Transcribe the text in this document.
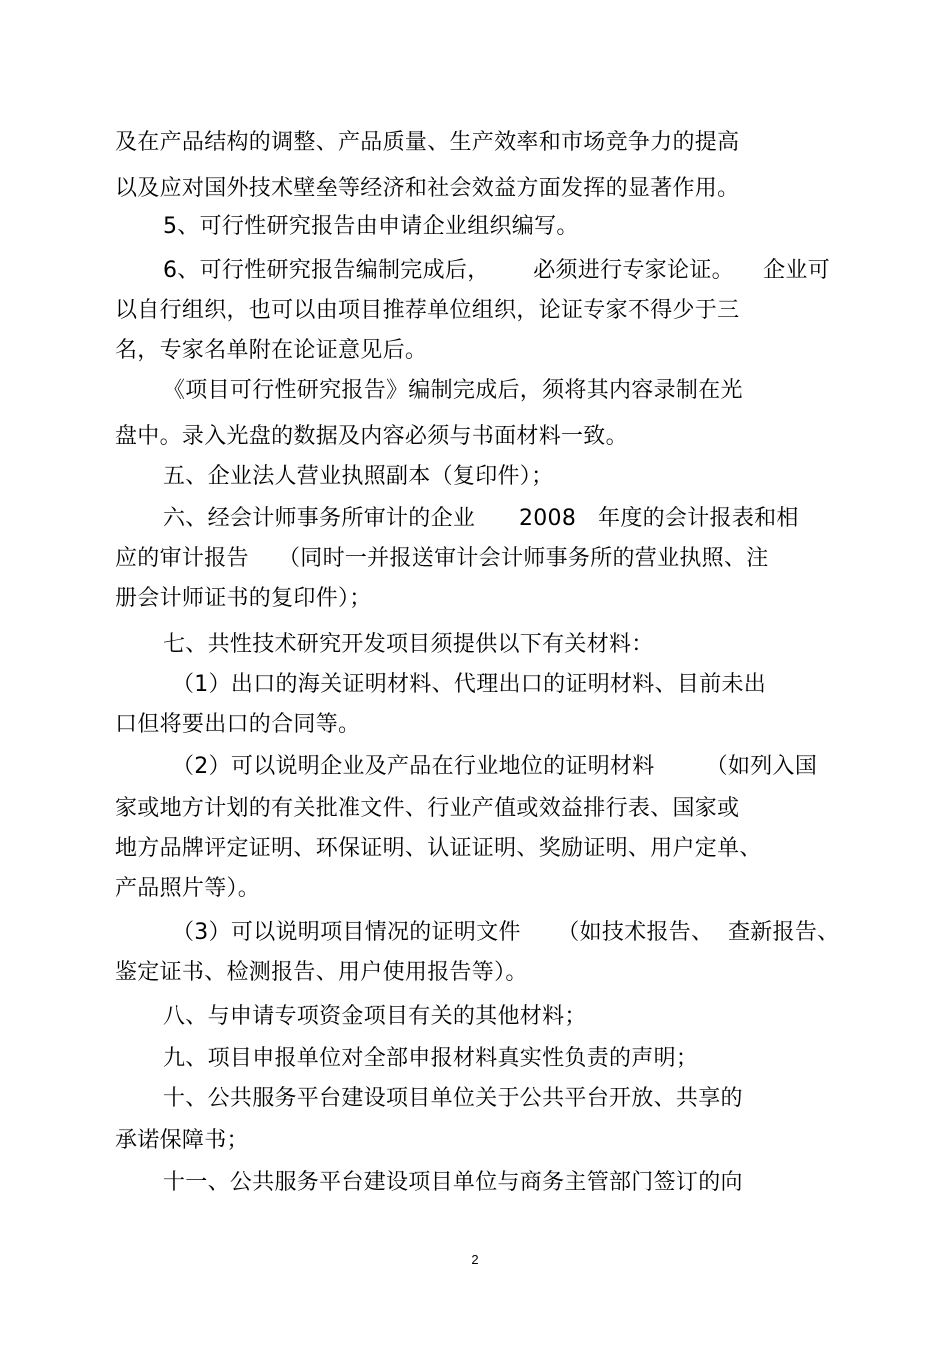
及在产品结构的调整、产品质量、生产效率和市场竞争力的提高
以及应对国外技术壁垒等经济和社会效益方面发挥的显著作用。
5、可行性研究报告由申请企业组织编写。
6、可行性研究报告编制完成后，      必须进行专家论证。    企业可
以自行组织，也可以由项目推荐单位组织，论证专家不得少于三
名，专家名单附在论证意见后。
《项目可行性研究报告》编制完成后，须将其内容录制在光
盘中。录入光盘的数据及内容必须与书面材料一致。
五、企业法人营业执照副本（复印件）；
六、经会计师事务所审计的企业      2008   年度的会计报表和相
应的审计报告    （同时一并报送审计会计师事务所的营业执照、注
册会计师证书的复印件）；
七、共性技术研究开发项目须提供以下有关材料：
（1）出口的海关证明材料、代理出口的证明材料、目前未出
口但将要出口的合同等。
（2）可以说明企业及产品在行业地位的证明材料       （如列入国
家或地方计划的有关批准文件、行业产值或效益排行表、国家或
地方品牌评定证明、环保证明、认证证明、奖励证明、用户定单、
产品照片等）。
（3）可以说明项目情况的证明文件     （如技术报告、  查新报告、
鉴定证书、检测报告、用户使用报告等）。
八、与申请专项资金项目有关的其他材料；
九、项目申报单位对全部申报材料真实性负责的声明；
十、公共服务平台建设项目单位关于公共平台开放、共享的
承诺保障书；
十一、公共服务平台建设项目单位与商务主管部门签订的向
2
